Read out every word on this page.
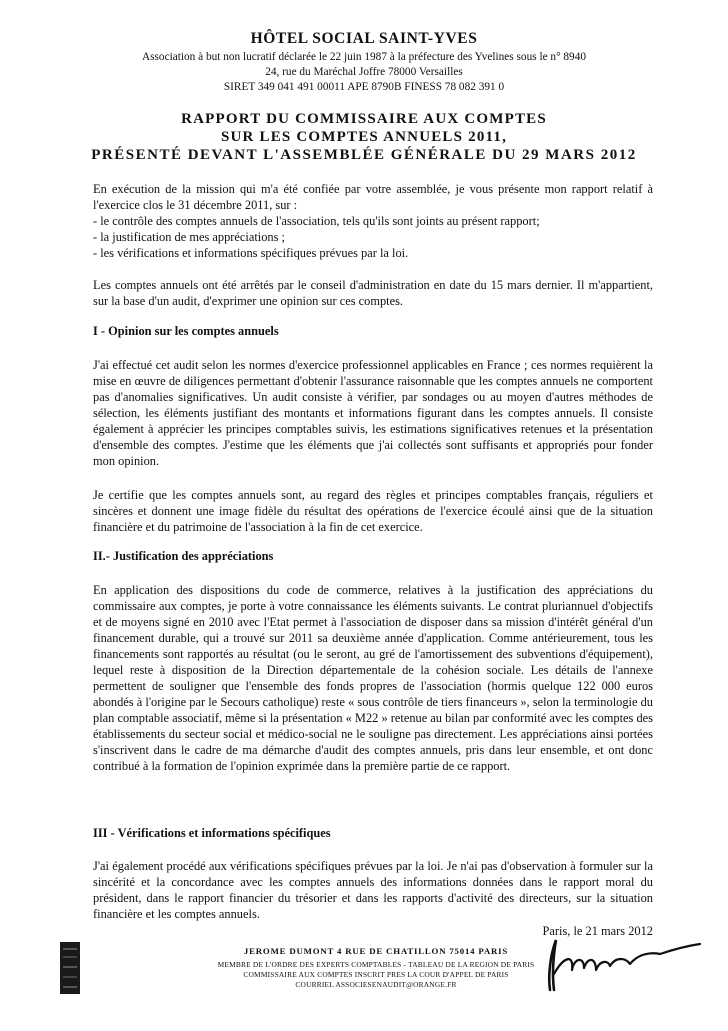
HÔTEL SOCIAL SAINT-YVES
Association à but non lucratif déclarée le 22 juin 1987 à la préfecture des Yvelines sous le n° 8940
24, rue du Maréchal Joffre 78000 Versailles
SIRET 349 041 491 00011 APE 8790B FINESS 78 082 391 0
RAPPORT DU COMMISSAIRE AUX COMPTES
SUR LES COMPTES ANNUELS 2011,
PRÉSENTÉ DEVANT L'ASSEMBLÉE GÉNÉRALE DU 29 MARS 2012

En exécution de la mission qui m'a été confiée par votre assemblée, je vous présente mon rapport relatif à l'exercice clos le 31 décembre 2011, sur :

- le contrôle des comptes annuels de l'association, tels qu'ils sont joints au présent rapport;
- la justification de mes appréciations ;
- les vérifications et informations spécifiques prévues par la loi.

Les comptes annuels ont été arrêtés par le conseil d'administration en date du 15 mars dernier. Il m'appartient, sur la base d'un audit, d'exprimer une opinion sur ces comptes.

I - Opinion sur les comptes annuels

J'ai effectué cet audit selon les normes d'exercice professionnel applicables en France ; ces normes requièrent la mise en œuvre de diligences permettant d'obtenir l'assurance raisonnable que les comptes annuels ne comportent pas d'anomalies significatives. Un audit consiste à vérifier, par sondages ou au moyen d'autres méthodes de sélection, les éléments justifiant des montants et informations figurant dans les comptes annuels. Il consiste également à apprécier les principes comptables suivis, les estimations significatives retenues et la présentation d'ensemble des comptes. J'estime que les éléments que j'ai collectés sont suffisants et appropriés pour fonder mon opinion.

Je certifie que les comptes annuels sont, au regard des règles et principes comptables français, réguliers et sincères et donnent une image fidèle du résultat des opérations de l'exercice écoulé ainsi que de la situation financière et du patrimoine de l'association à la fin de cet exercice.

II.- Justification des appréciations

En application des dispositions du code de commerce, relatives à la justification des appréciations du commissaire aux comptes, je porte à votre connaissance les éléments suivants. Le contrat pluriannuel d'objectifs et de moyens signé en 2010 avec l'Etat permet à l'association de disposer dans sa mission d'intérêt général d'un financement durable, qui a trouvé sur 2011 sa deuxième année d'application. Comme antérieurement, tous les financements sont rapportés au résultat (ou le seront, au gré de l'amortissement des subventions d'équipement), lequel reste à disposition de la Direction départementale de la cohésion sociale. Les détails de l'annexe permettent de souligner que l'ensemble des fonds propres de l'association (hormis quelque 122 000 euros abondés à l'origine par le Secours catholique) reste « sous contrôle de tiers financeurs », selon la terminologie du plan comptable associatif, même si la présentation « M22 » retenue au bilan par conformité avec les comptes des établissements du secteur social et médico-social ne le souligne pas directement. Les appréciations ainsi portées s'inscrivent dans le cadre de ma démarche d'audit des comptes annuels, pris dans leur ensemble, et ont donc contribué à la formation de l'opinion exprimée dans la première partie de ce rapport.

III - Vérifications et informations spécifiques

J'ai également procédé aux vérifications spécifiques prévues par la loi. Je n'ai pas d'observation à formuler sur la sincérité et la concordance avec les comptes annuels des informations données dans le rapport moral du président, dans le rapport financier du trésorier et dans les rapports d'activité des directeurs, sur la situation financière et les comptes annuels.

Paris, le 21 mars 2012
JEROME DUMONT 4 RUE DE CHATILLON 75014 PARIS
MEMBRE DE L'ORDRE DES EXPERTS COMPTABLES - TABLEAU DE LA REGION DE PARIS
COMMISSAIRE AUX COMPTES INSCRIT PRES LA COUR D'APPEL DE PARIS
COURRIEL ASSOCIESENAUDIT@ORANGE.FR
